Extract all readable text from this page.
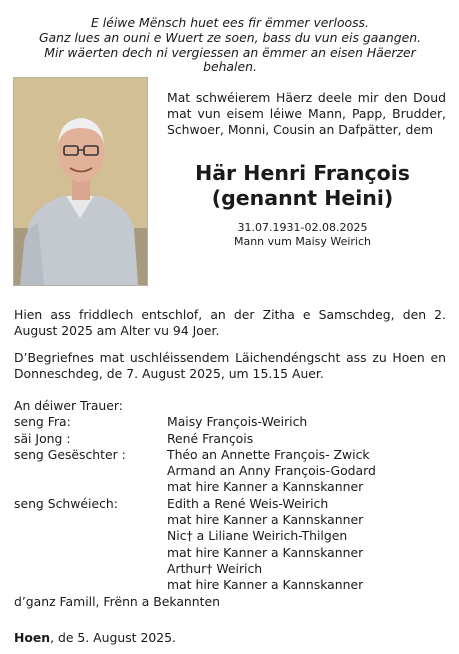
E léiwe Mënsch huet ees fir ëmmer verlooss.
Ganz lues an ouni e Wuert ze soen, bass du vun eis gaangen.
Mir wäerten dech ni vergiessen an ëmmer an eisen Häerzer
behalen.
Mat schwéierem Häerz deele mir den Doud mat vun eisem léiwe Mann, Papp, Brudder, Schwoer, Monni, Cousin an Dafpätter, dem
Här Henri François
(genannt Heini)
31.07.1931-02.08.2025
Mann vum Maisy Weirich
Hien ass friddlech entschlof, an der Zitha e Samschdeg, den 2. August 2025 am Alter vu 94 Joer.
D’Begriefnes mat uschléissendem Läichendéngscht ass zu Hoen en Donneschdeg, de 7. August 2025, um 15.15 Auer.
An déiwer Trauer:
seng Fra:	Maisy François-Weirich
säi Jong :	René François
seng Gesëschter :	Théo an Annette François- Zwick
Armand an Anny François-Godard
mat hire Kanner a Kannskanner
seng Schwéiech:	Edith a René Weis-Weirich
mat hire Kanner a Kannskanner
Nic† a Liliane Weirich-Thilgen
mat hire Kanner a Kannskanner
Arthur† Weirich
mat hire Kanner a Kannskanner
d’ganz Famill, Frënn a Bekannten
Hoen, de 5. August 2025.
